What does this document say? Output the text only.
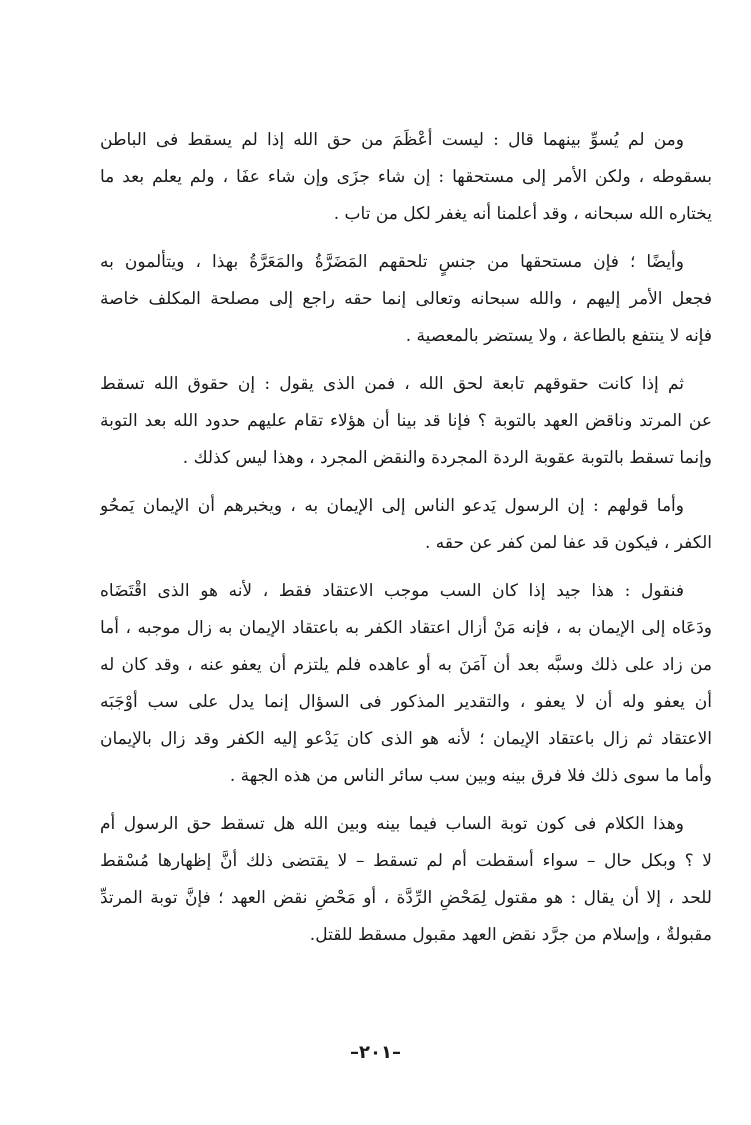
ومن لم يُسوِّ بينهما قال : ليست أعْظَمَ من حق الله إذا لم يسقط فى الباطن
بسقوطه ، ولكن الأمر إلى مستحقها : إن شاء جزَى وإن شاء عفَا ، ولم يعلم بعد ما
يختاره الله سبحانه ، وقد أعلمنا أنه يغفر لكل من تاب .
وأيضًا ؛ فإن مستحقها من جنسٍ تلحقهم المَضَرَّةُ والمَعَرَّةُ بهذا ، ويتألمون به
فجعل الأمر إليهم ، والله سبحانه وتعالى إنما حقه راجع إلى مصلحة المكلف خاصة
فإنه لا ينتفع بالطاعة ، ولا يستضر بالمعصية .
ثم إذا كانت حقوقهم تابعة لحق الله ، فمن الذى يقول : إن حقوق الله تسقط
عن المرتد وناقض العهد بالتوبة ؟ فإنا قد بينا أن هؤلاء تقام عليهم حدود الله بعد التوبة
وإنما تسقط بالتوبة عقوبة الردة المجردة والنقض المجرد ، وهذا ليس كذلك .
وأما قولهم : إن الرسول يَدعو الناس إلى الإيمان به ، ويخبرهم أن الإيمان يَمحُو
الكفر ، فيكون قد عفا لمن كفر عن حقه .
فنقول : هذا جيد إذا كان السب موجب الاعتقاد فقط ، لأنه هو الذى اقْتَضَاه
ودَعَاه إلى الإيمان به ، فإنه مَنْ أزال اعتقاد الكفر به باعتقاد الإيمان به زال موجبه ، أما
من زاد على ذلك وسبَّه بعد أن آمَنَ به أو عاهده فلم يلتزم أن يعفو عنه ، وقد كان له
أن يعفو وله أن لا يعفو ، والتقدير المذكور فى السؤال إنما يدل على سب أوْجَبَه
الاعتقاد ثم زال باعتقاد الإيمان ؛ لأنه هو الذى كان يَدْعو إليه الكفر وقد زال بالإيمان
وأما ما سوى ذلك فلا فرق بينه وبين سب سائر الناس من هذه الجهة .
وهذا الكلام فى كون توبة الساب فيما بينه وبين الله هل تسقط حق الرسول أم
لا ؟ وبكل حال – سواء أسقطت أم لم تسقط – لا يقتضى ذلك أنَّ إظهارها مُسْقط
للحد ، إلا أن يقال : هو مقتول لِمَحْضِ الرِّدَّة ، أو مَحْضِ نقض العهد ؛ فإنَّ توبة المرتدِّ
مقبولةٌ ، وإسلام من جرَّد نقض العهد مقبول مسقط للقتل.
–٢٠١–
